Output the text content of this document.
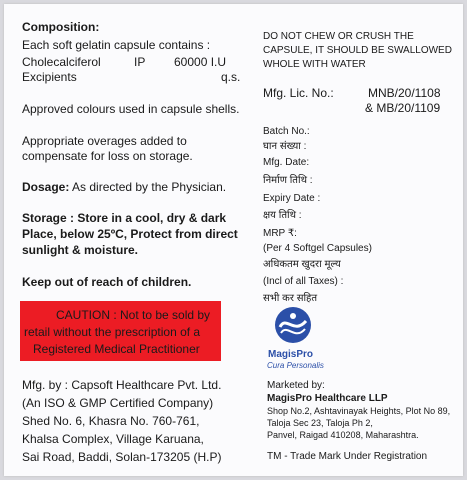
Composition:
Each soft gelatin capsule contains :
Cholecalciferol	IP 60000 I.U
Excipients	q.s.
Approved colours used in capsule shells.
Appropriate overages added to
compensate for loss on storage.
Dosage: As directed by the Physician.
Storage : Store in a cool, dry & dark
Place, below 25ºC, Protect from direct
sunlight & moisture.
Keep out of reach of children.
CAUTION : Not to be sold by
retail without the prescription of a
Registered Medical Practitioner
Mfg. by : Capsoft Healthcare Pvt. Ltd.
(An ISO & GMP Certified Company)
Shed No. 6, Khasra No. 760-761,
Khalsa Complex, Village Karuana,
Sai Road, Baddi, Solan-173205 (H.P)
DO NOT CHEW OR CRUSH THE
CAPSULE, IT SHOULD BE SWALLOWED
WHOLE WITH WATER
Mfg. Lic. No.:	MNB/20/1108
& MB/20/1109
Batch No.:
घान संख्या :
Mfg. Date:
निर्माण तिथि :
Expiry Date :
क्षय तिथि :
MRP ₹:
(Per 4 Softgel Capsules)
अधिकतम खुदरा मूल्य
(Incl of all Taxes) :
सभी कर सहित
MagisPro
Cura Personalis
Marketed by:
MagisPro Healthcare LLP
Shop No.2, Ashtavinayak Heights, Plot No 89,
Taloja Sec 23, Taloja Ph 2,
Panvel, Raigad 410208, Maharashtra.
TM - Trade Mark Under Registration
